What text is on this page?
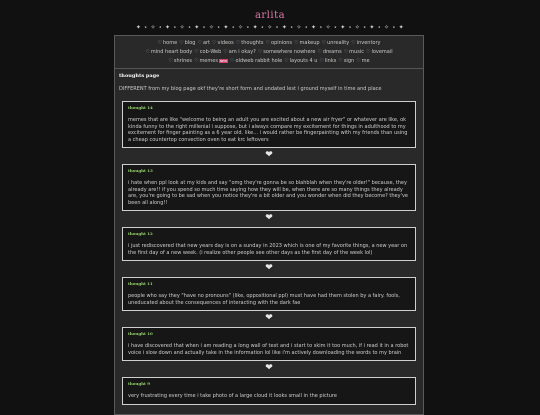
arlita
✦ ⋆ ✧ ⋆ ✦ ⋆ ✧ ⋆ ✦ ⋆ ✧ ⋆ ✦ ⋆ ✧ ⋆ ✦ ⋆ ✧ ⋆ ✦ ⋆ ✧ ⋆ ✦ ⋆ ✧ ⋆ ✦ ⋆ ✧ ⋆ ✦ ⋆ ✧ ⋆ ✦
♡home ♡blog ♡art ♡videos ♡thoughts ♡opinions ♡makeup ♡unreality ♡inventory
♡mind heart body ♡cob-Web ♡am i okay? ♡somewhere nowhere ♡dreams ♡music ♡lovemail
♡shrines ♡memes NEW ♡oldweb rabbit hole ♡layouts 4 u ♡links ♡sign ♡me
thoughts page
DIFFERENT from my blog page okf they're short form and undated lest i ground myself in time and place
thought 14
memes that are like "welcome to being an adult you are excited about a new air fryer" or whatever are like, ok kinda funny to the right millenial i suppose, but i always compare my excitement for things in adulthood to my excitement for finger painting as a 6 year old. like... i would rather be fingerpainting with my friends than using a cheap countertop convection oven to eat krc leftovers
❤
thought 13
i hate when ppl look at my kids and say "omg they're gonna be so blahblah when they're older!" because, they already are!! if you spend so much time saying how they will be, when there are so many things they already are, you're going to be sad when you notice they're a bit older and you wonder when did they become? they've been all along!!
❤
thought 12
i just rediscovered that new years day is on a sunday in 2023 which is one of my favorite things, a new year on the first day of a new week. (i realize other people see other days as the first day of the week lol)
❤
thought 11
people who say they "have no pronouns" (like, oppositional ppl) must have had them stolen by a fairy. fools, uneducated about the consequences of interacting with the dark fae
❤
thought 10
i have discovered that when i am reading a long wall of text and i start to skim it too much, if i read it in a robot voice i slow down and actually take in the information lol like i'm actively downloading the words to my brain
❤
thought 9
very frustrating every time i take photo of a large cloud it looks small in the picture
